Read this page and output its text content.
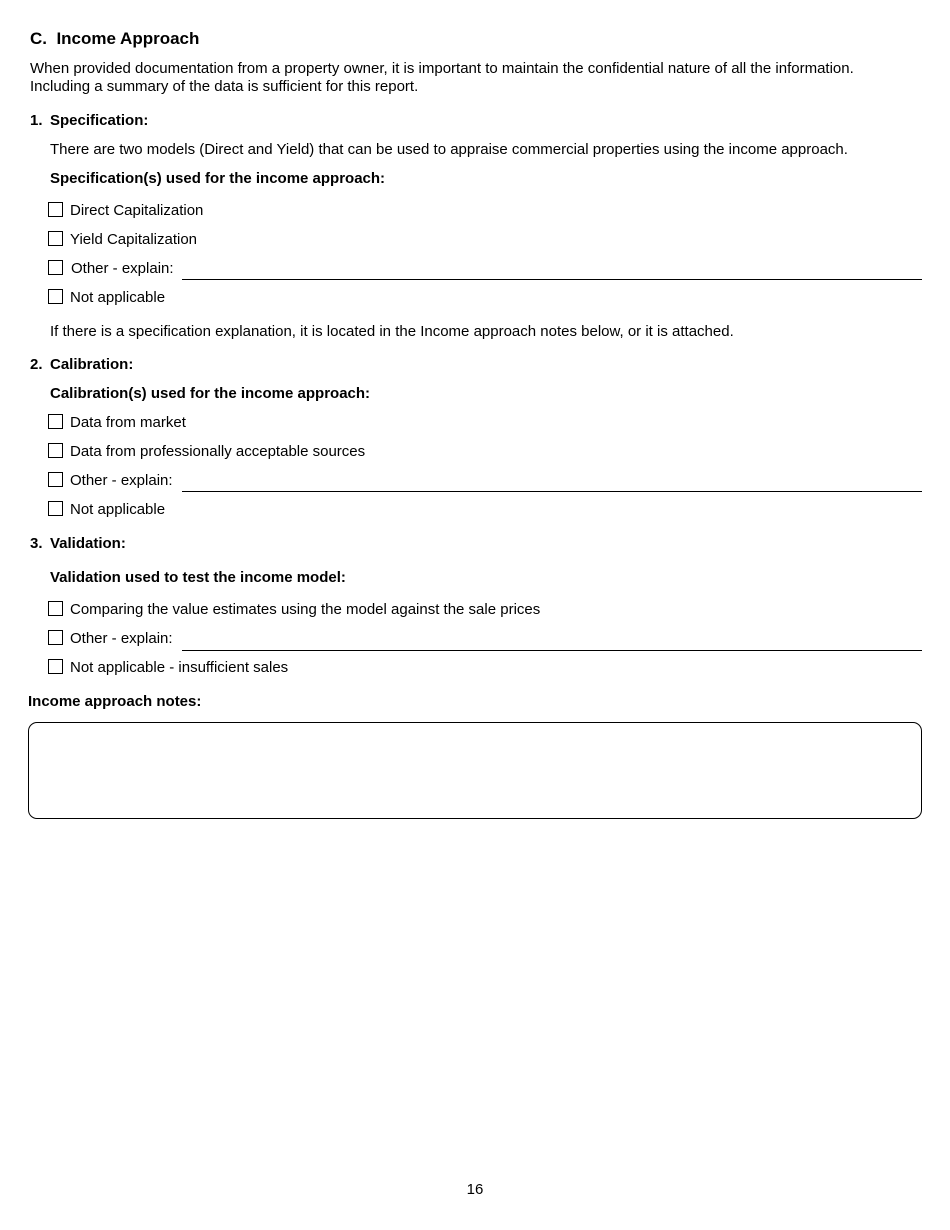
C. Income Approach
When provided documentation from a property owner, it is important to maintain the confidential nature of all the information.
Including a summary of the data is sufficient for this report.
1. Specification:
There are two models (Direct and Yield) that can be used to appraise commercial properties using the income approach.
Specification(s) used for the income approach:
Direct Capitalization
Yield Capitalization
Other - explain:
Not applicable
If there is a specification explanation, it is located in the Income approach notes below, or it is attached.
2. Calibration:
Calibration(s) used for the income approach:
Data from market
Data from professionally acceptable sources
Other - explain:
Not applicable
3. Validation:
Validation used to test the income model:
Comparing the value estimates using the model against the sale prices
Other - explain:
Not applicable - insufficient sales
Income approach notes:
16
